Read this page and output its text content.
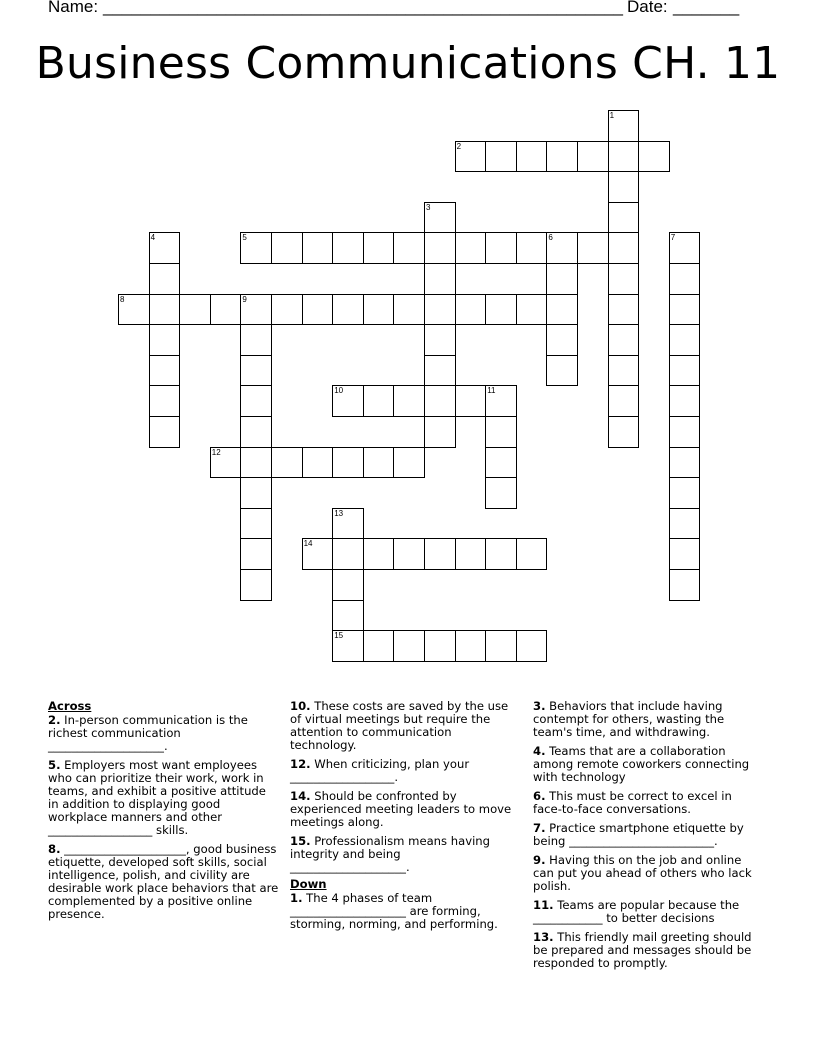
Name: _______________________________________________________ Date: _______
Business Communications CH. 11
1
2
3
4	5	6	7
8	9
10	11
12
13
14
15
Across
2. In-person communication is the richest communication ____________________.
5. Employers most want employees who can prioritize their work, work in teams, and exhibit a positive attitude in addition to displaying good workplace manners and other __________________ skills.
8. _____________________, good business etiquette, developed soft skills, social intelligence, polish, and civility are desirable work place behaviors that are complemented by a positive online presence.
10. These costs are saved by the use of virtual meetings but require the attention to communication technology.
12. When criticizing, plan your __________________.
14. Should be confronted by experienced meeting leaders to move meetings along.
15. Professionalism means having integrity and being ____________________.
Down
1. The 4 phases of team ____________________ are forming, storming, norming, and performing.
3. Behaviors that include having contempt for others, wasting the team's time, and withdrawing.
4. Teams that are a collaboration among remote coworkers connecting with technology
6. This must be correct to excel in face-to-face conversations.
7. Practice smartphone etiquette by being _________________________.
9. Having this on the job and online can put you ahead of others who lack polish.
11. Teams are popular because the ____________ to better decisions
13. This friendly mail greeting should be prepared and messages should be responded to promptly.
